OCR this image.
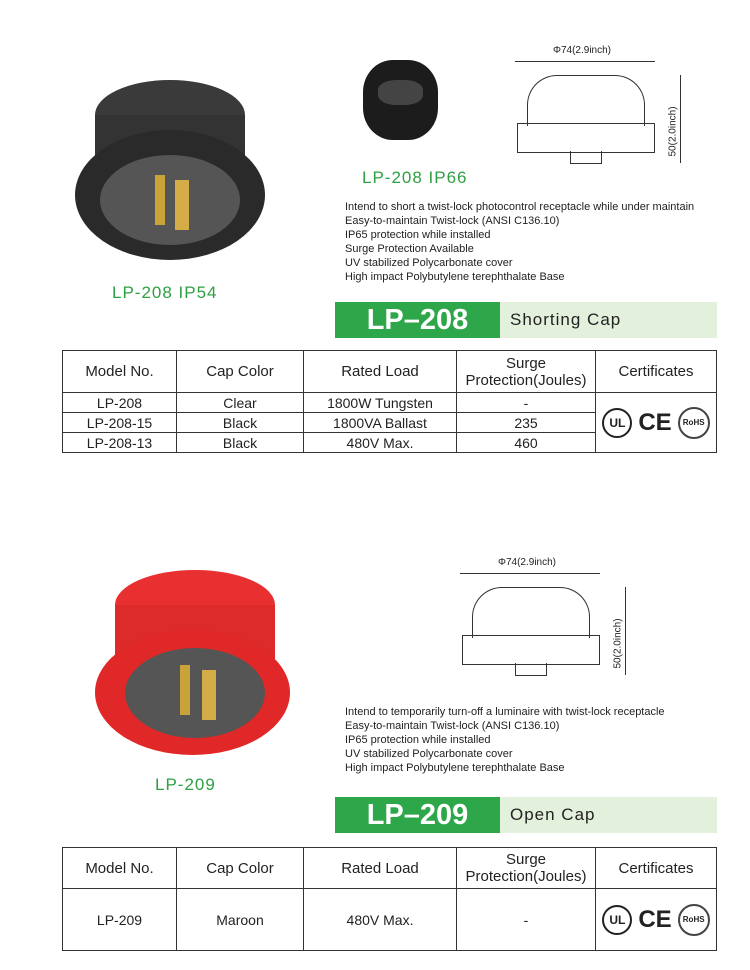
LP-208 IP54
LP-208 IP66
Φ74(2.9inch)
50(2.0inch)
Intend to short a twist-lock photocontrol receptacle while under maintain
Easy-to-maintain Twist-lock (ANSI C136.10)
IP65 protection while installed
Surge Protection Available
UV stabilized Polycarbonate cover
High impact Polybutylene terephthalate Base
LP–208	Shorting Cap
Model No.	Cap Color	Rated Load	Surge Protection(Joules)	Certificates
LP-208	Clear	1800W Tungsten	-	UL CE RoHS

LP-208-15	Black	1800VA Ballast	235	
LP-208-13	Black	480V Max.	460	
LP-209
Φ74(2.9inch)
50(2.0inch)
Intend to temporarily turn-off a luminaire with twist-lock receptacle
Easy-to-maintain Twist-lock (ANSI C136.10)
IP65 protection while installed
UV stabilized Polycarbonate cover
High impact Polybutylene terephthalate Base
LP–209	Open Cap
Model No.	Cap Color	Rated Load	Surge Protection(Joules)	Certificates
LP-209	Maroon	480V Max.	-	UL CE RoHS
